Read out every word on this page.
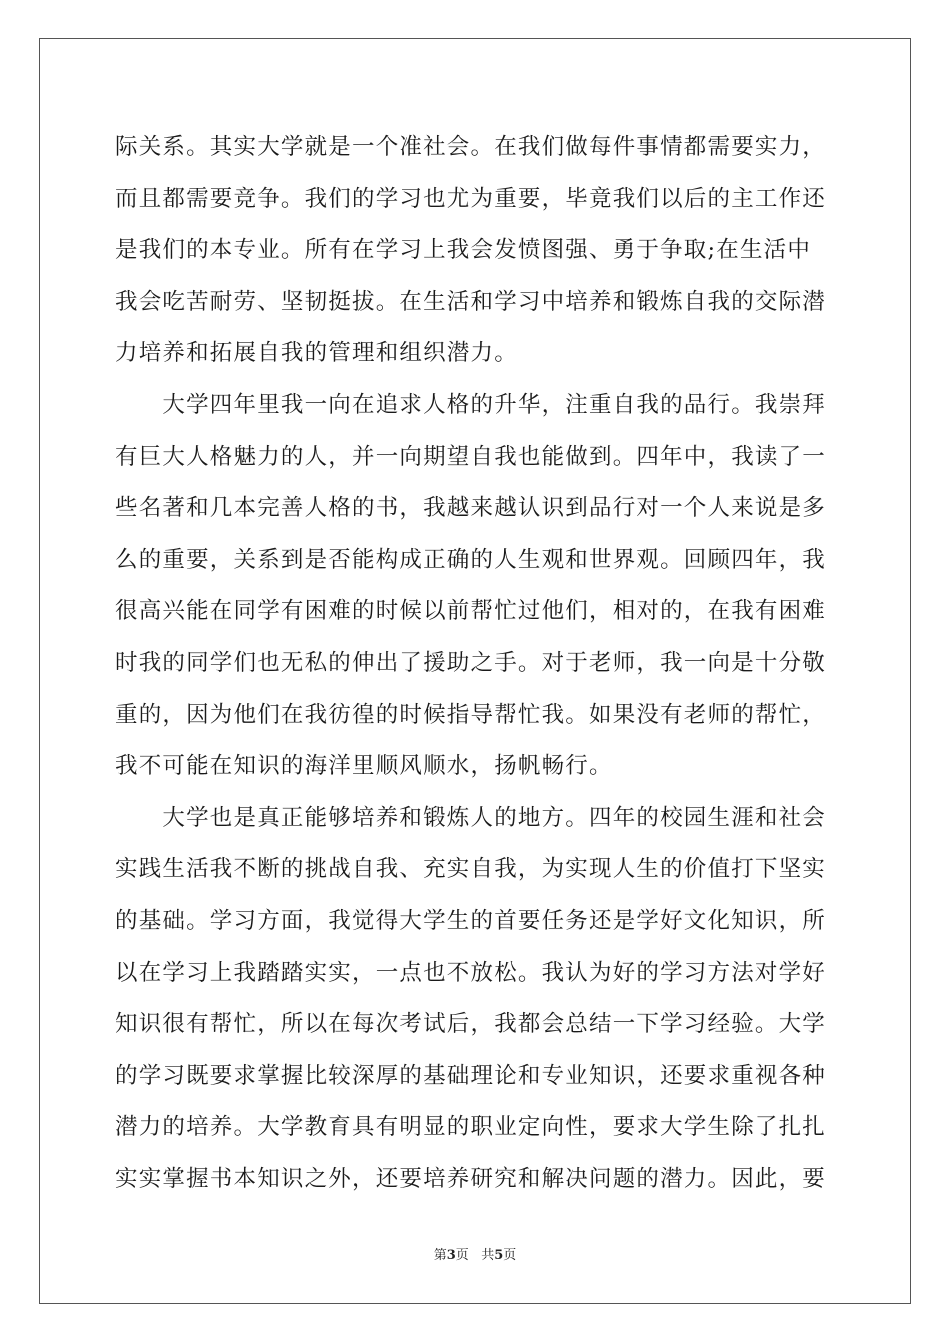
际关系。其实大学就是一个准社会。在我们做每件事情都需要实力，
而且都需要竞争。我们的学习也尤为重要，毕竟我们以后的主工作还
是我们的本专业。所有在学习上我会发愤图强、勇于争取;在生活中
我会吃苦耐劳、坚韧挺拔。在生活和学习中培养和锻炼自我的交际潜
力培养和拓展自我的管理和组织潜力。
　　大学四年里我一向在追求人格的升华，注重自我的品行。我崇拜
有巨大人格魅力的人，并一向期望自我也能做到。四年中，我读了一
些名著和几本完善人格的书，我越来越认识到品行对一个人来说是多
么的重要，关系到是否能构成正确的人生观和世界观。回顾四年，我
很高兴能在同学有困难的时候以前帮忙过他们，相对的，在我有困难
时我的同学们也无私的伸出了援助之手。对于老师，我一向是十分敬
重的，因为他们在我彷徨的时候指导帮忙我。如果没有老师的帮忙，
我不可能在知识的海洋里顺风顺水，扬帆畅行。
　　大学也是真正能够培养和锻炼人的地方。四年的校园生涯和社会
实践生活我不断的挑战自我、充实自我，为实现人生的价值打下坚实
的基础。学习方面，我觉得大学生的首要任务还是学好文化知识，所
以在学习上我踏踏实实，一点也不放松。我认为好的学习方法对学好
知识很有帮忙，所以在每次考试后，我都会总结一下学习经验。大学
的学习既要求掌握比较深厚的基础理论和专业知识，还要求重视各种
潜力的培养。大学教育具有明显的职业定向性，要求大学生除了扎扎
实实掌握书本知识之外，还要培养研究和解决问题的潜力。因此，要
第3页 共5页
